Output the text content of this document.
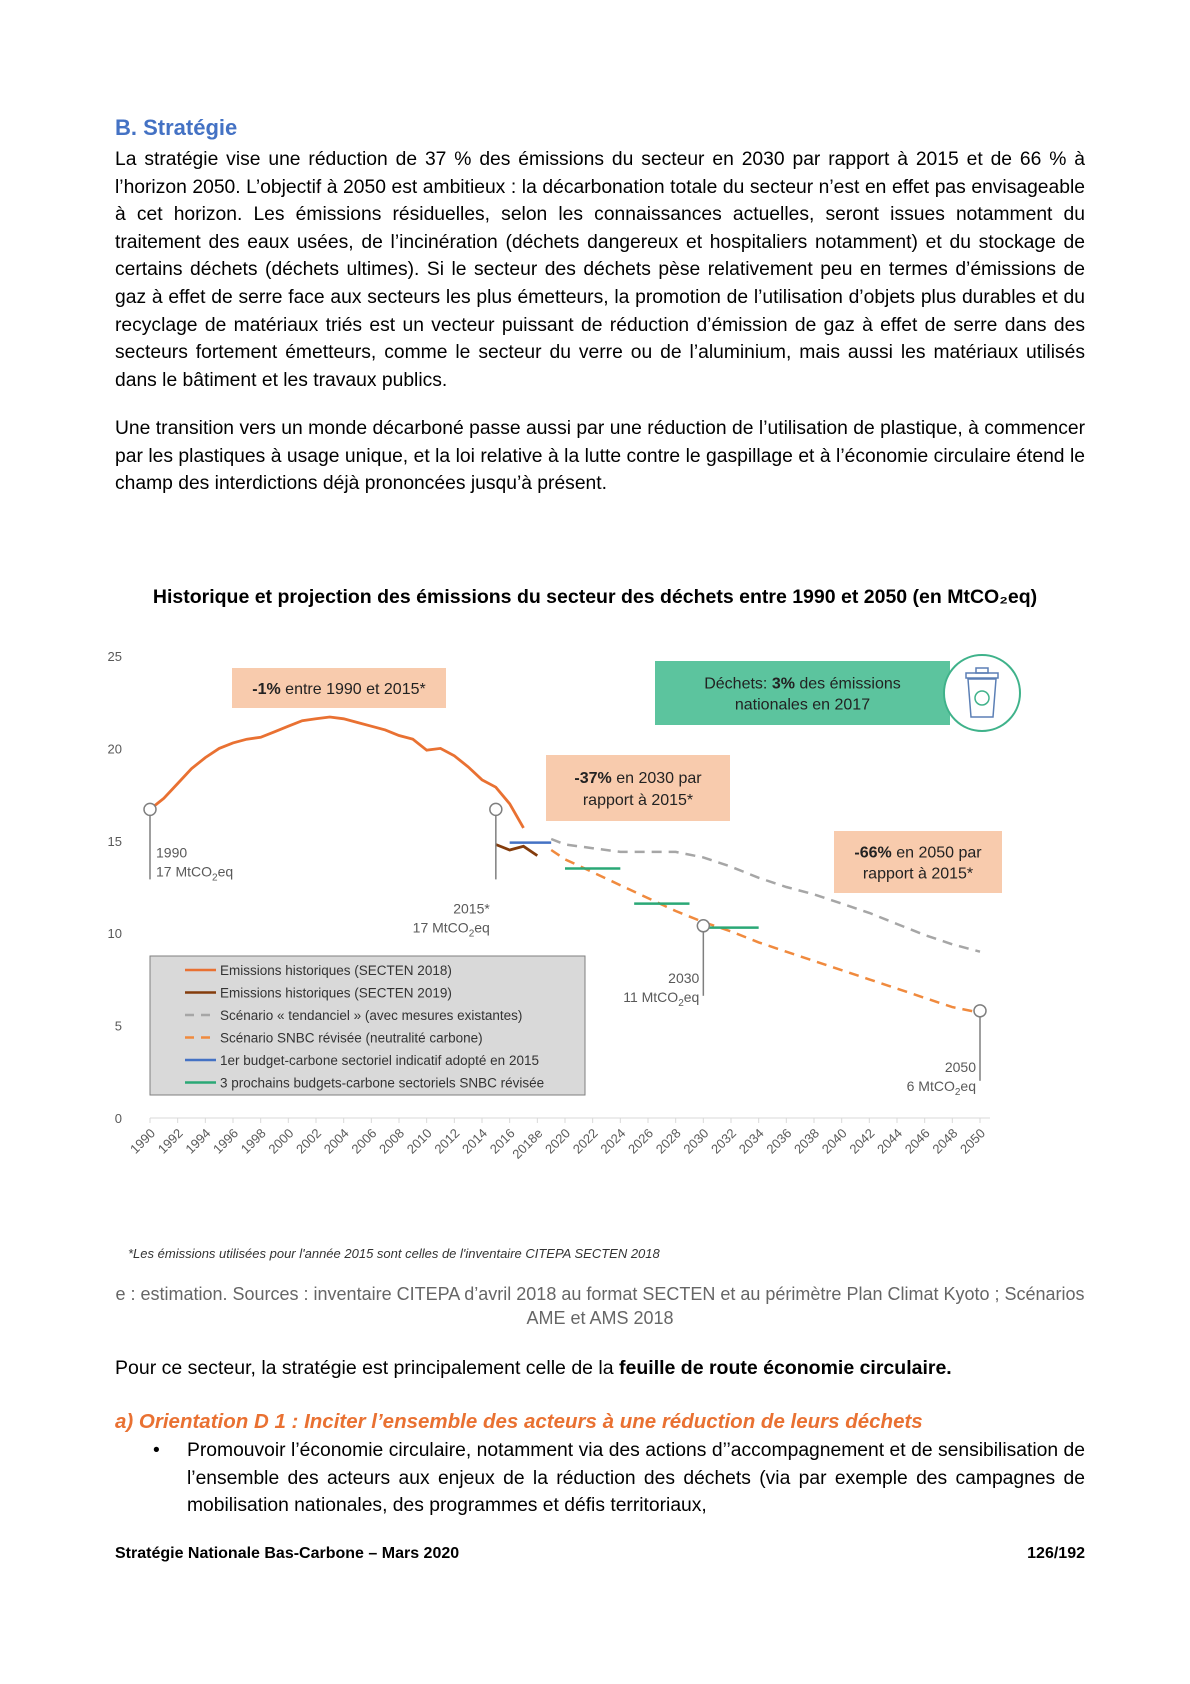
B. Stratégie
La stratégie vise une réduction de 37 % des émissions du secteur en 2030 par rapport à 2015 et de 66 % à l’horizon 2050. L’objectif à 2050 est ambitieux : la décarbonation totale du secteur n’est en effet pas envisageable à cet horizon. Les émissions résiduelles, selon les connaissances actuelles, seront issues notamment du traitement des eaux usées, de l’incinération (déchets dangereux et hospitaliers notamment) et du stockage de certains déchets (déchets ultimes). Si le secteur des déchets pèse relativement peu en termes d’émissions de gaz à effet de serre face aux secteurs les plus émetteurs, la promotion de l’utilisation d’objets plus durables et du recyclage de matériaux triés est un vecteur puissant de réduction d’émission de gaz à effet de serre dans des secteurs fortement émetteurs, comme le secteur du verre ou de l’aluminium, mais aussi les matériaux utilisés dans le bâtiment et les travaux publics.
Une transition vers un monde décarboné passe aussi par une réduction de l’utilisation de plastique, à commencer par les plastiques à usage unique, et la loi relative à la lutte contre le gaspillage et à l’économie circulaire étend le champ des interdictions déjà prononcées jusqu’à présent.
Historique et projection des émissions du secteur des déchets entre 1990 et 2050 (en MtCO₂eq)
0
5
10
15
20
25
1990
1992
1994
1996
1998
2000
2002
2004
2006
2008
2010
2012
2014
2016
2018e
2020
2022
2024
2026
2028
2030
2032
2034
2036
2038
2040
2042
2044
2046
2048
2050
1990
17 MtCO$_2$eq
2015*
17 MtCO$_2$eq
2030
11 MtCO$_2$eq
2050
6 MtCO$_2$eq
-1% entre 1990 et 2015*
-37% en 2030 par
rapport à 2015*
-66% en 2050 par
rapport à 2015*
Déchets: 3% des émissions
nationales en 2017
Emissions historiques (SECTEN 2018)
Emissions historiques (SECTEN 2019)
Scénario « tendanciel » (avec mesures existantes)
Scénario SNBC révisée (neutralité carbone)
1er budget-carbone sectoriel indicatif adopté en 2015
3 prochains budgets-carbone sectoriels SNBC révisée
*Les émissions utilisées pour l'année 2015 sont celles de l'inventaire CITEPA SECTEN 2018
e : estimation. Sources : inventaire CITEPA d’avril 2018 au format SECTEN et au périmètre Plan Climat Kyoto ; Scénarios AME et AMS 2018
Pour ce secteur, la stratégie est principalement celle de la feuille de route économie circulaire.
a) Orientation D 1 : Inciter l’ensemble des acteurs à une réduction de leurs déchets
• Promouvoir l’économie circulaire, notamment via des actions d’’accompagnement et de sensibilisation de l’ensemble des acteurs aux enjeux de la réduction des déchets (via par exemple des campagnes de mobilisation nationales, des programmes et défis territoriaux,
Stratégie Nationale Bas-Carbone – Mars 2020	126/192
